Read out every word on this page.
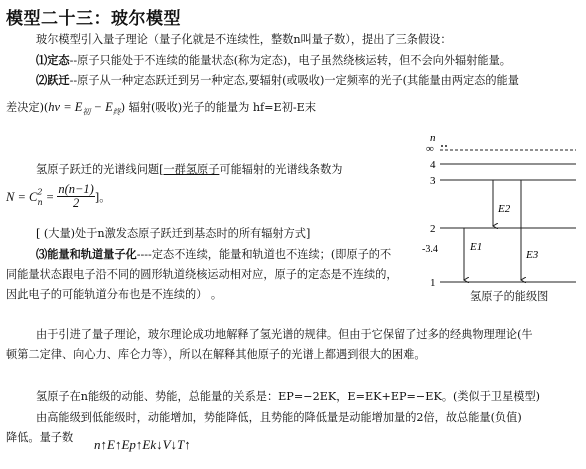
模型二十三：玻尔模型
玻尔模型引入量子理论（量子化就是不连续性，整数n叫量子数），提出了三条假设：
⑴定态--原子只能处于不连续的能量状态(称为定态)，电子虽然绕核运转，但不会向外辐射能量。
⑵跃迁--原子从一种定态跃迁到另一种定态,要辐射(或吸收)一定频率的光子(其能量由两定态的能量
差决定)$(h\nu = E_初 - E_终)$ 辐射(吸收)光子的能量为 hf=E初-E末
氢原子跃迁的光谱线问题[一群氢原子可能辐射的光谱线条数为
$N = C^2_n = \frac{n(n-1)}{2}$ ]。
[ (大量)处于n激发态原子跃迁到基态时的所有辐射方式]
⑶能量和轨道量子化----定态不连续，能量和轨道也不连续；(即原子的不
同能量状态跟电子沿不同的圆形轨道绕核运动相对应，原子的定态是不连续的，
因此电子的可能轨道分布也是不连续的） 。
由于引进了量子理论，玻尔理论成功地解释了氢光谱的规律。但由于它保留了过多的经典物理理论(牛
顿第二定律、向心力、库仑力等），所以在解释其他原子的光谱上都遇到很大的困难。
氢原子在n能级的动能、势能，总能量的关系是：EP=−2EK，E=EK+EP=−EK。(类似于卫星模型)
由高能级到低能级时，动能增加，势能降低，且势能的降低量是动能增加量的2倍，故总能量(负值)
降低。量子数 n↑E↑Ep↑Ek↓V↓T↑
n
∞
4
3
2
1
-3.4	E1
E2
E3
氢原子的能级图
